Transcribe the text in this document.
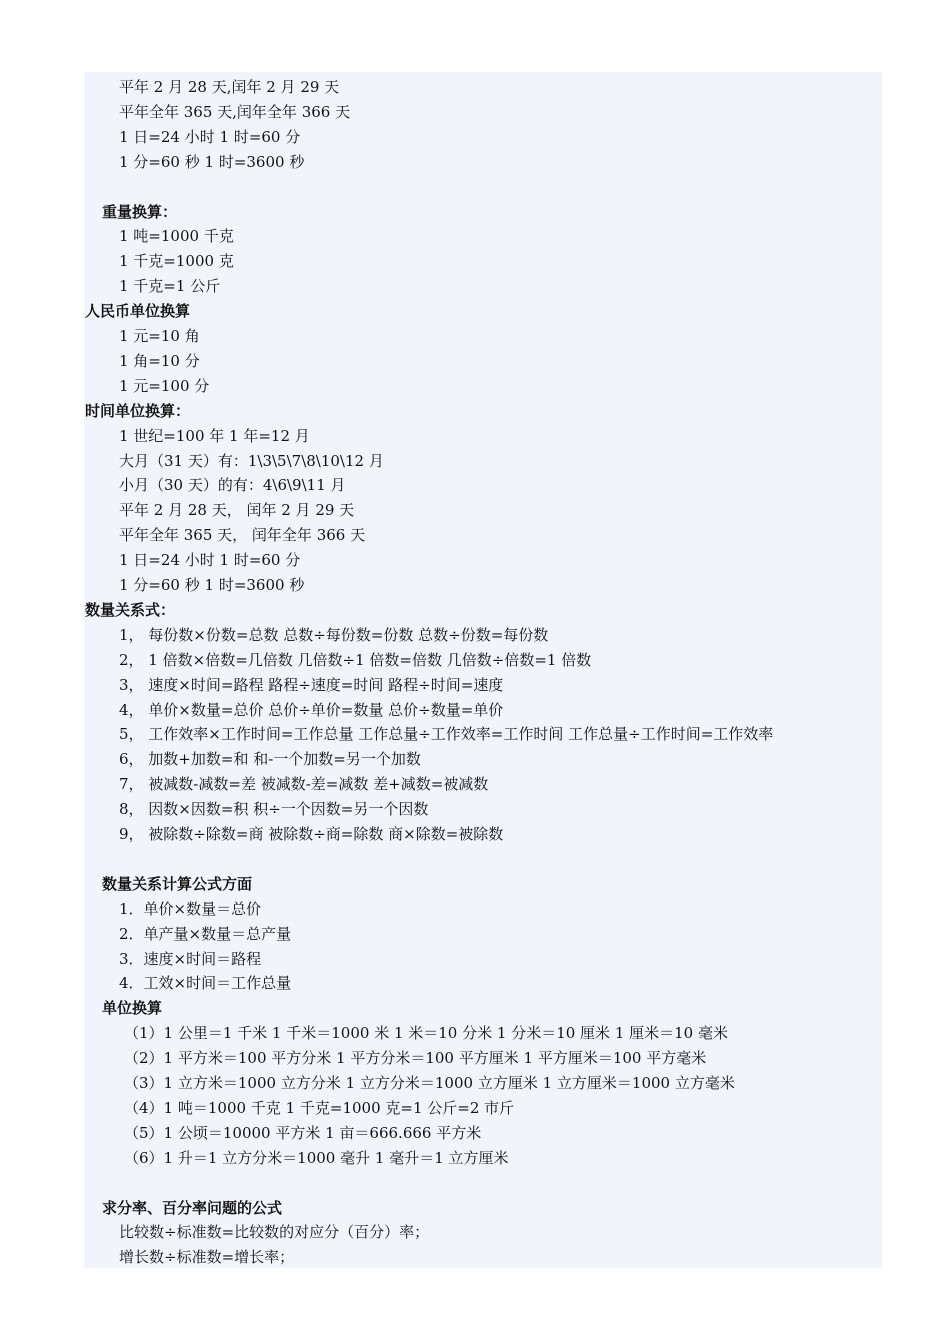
平年 2 月 28 天,闰年 2 月 29 天
平年全年 365 天,闰年全年 366 天
1 日=24 小时 1 时=60 分
1 分=60 秒 1 时=3600 秒
重量换算：
1 吨=1000 千克
1 千克=1000 克
1 千克=1 公斤
人民币单位换算
1 元=10 角
1 角=10 分
1 元=100 分
时间单位换算：
1 世纪=100 年 1 年=12 月
大月（31 天）有：1\3\5\7\8\10\12 月
小月（30 天）的有：4\6\9\11 月
平年 2 月 28 天， 闰年 2 月 29 天
平年全年 365 天， 闰年全年 366 天
1 日=24 小时 1 时=60 分
1 分=60 秒 1 时=3600 秒
数量关系式：
1， 每份数×份数=总数 总数÷每份数=份数 总数÷份数=每份数
2， 1 倍数×倍数=几倍数 几倍数÷1 倍数=倍数 几倍数÷倍数=1 倍数
3， 速度×时间=路程 路程÷速度=时间 路程÷时间=速度
4， 单价×数量=总价 总价÷单价=数量 总价÷数量=单价
5， 工作效率×工作时间=工作总量 工作总量÷工作效率=工作时间 工作总量÷工作时间=工作效率
6， 加数+加数=和 和-一个加数=另一个加数
7， 被减数-减数=差 被减数-差=减数 差+减数=被减数
8， 因数×因数=积 积÷一个因数=另一个因数
9， 被除数÷除数=商 被除数÷商=除数 商×除数=被除数
数量关系计算公式方面
1．单价×数量＝总价
2．单产量×数量＝总产量
3．速度×时间＝路程
4．工效×时间＝工作总量
单位换算
（1）1 公里＝1 千米 1 千米＝1000 米 1 米＝10 分米 1 分米＝10 厘米 1 厘米＝10 毫米
（2）1 平方米＝100 平方分米 1 平方分米＝100 平方厘米 1 平方厘米＝100 平方毫米
（3）1 立方米＝1000 立方分米 1 立方分米＝1000 立方厘米 1 立方厘米＝1000 立方毫米
（4）1 吨＝1000 千克 1 千克=1000 克=1 公斤=2 市斤
（5）1 公顷＝10000 平方米 1 亩＝666.666 平方米
（6）1 升＝1 立方分米＝1000 毫升 1 毫升＝1 立方厘米
求分率、百分率问题的公式
比较数÷标准数=比较数的对应分（百分）率；
增长数÷标准数=增长率；
